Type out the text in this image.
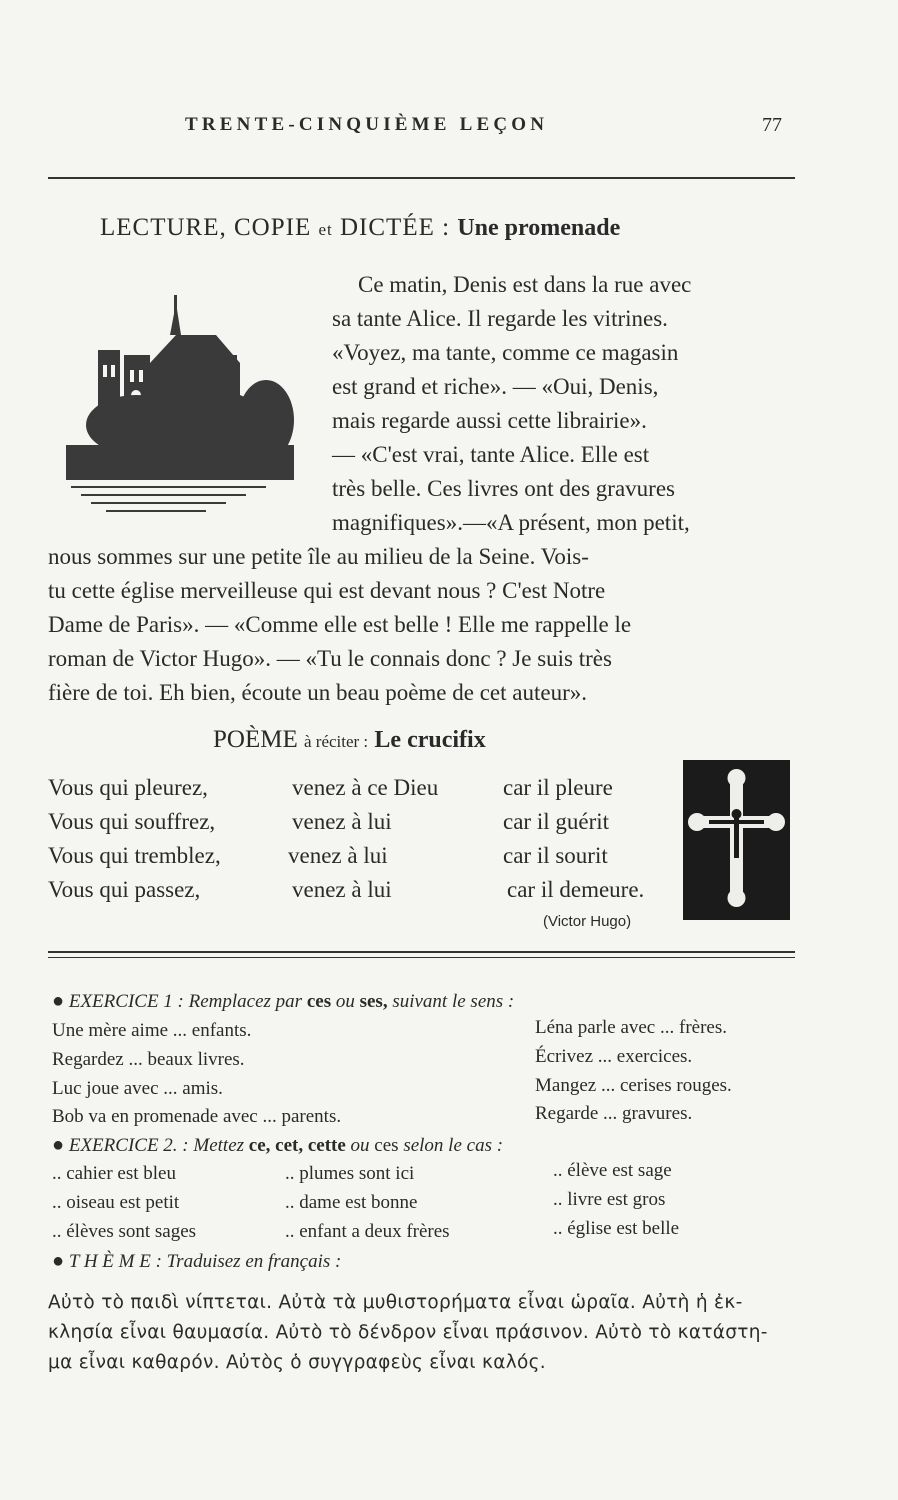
TRENTE-CINQUIÈME LEÇON	77
LECTURE, COPIE et DICTÉE : Une promenade
Ce matin, Denis est dans la rue avec
sa tante Alice. Il regarde les vitrines.
«Voyez, ma tante, comme ce magasin
est grand et riche». — «Oui, Denis,
mais regarde aussi cette librairie».
— «C'est vrai, tante Alice. Elle est
très belle. Ces livres ont des gravures
magnifiques».—«A présent, mon petit,
nous sommes sur une petite île au milieu de la Seine. Vois-
tu cette église merveilleuse qui est devant nous ? C'est Notre
Dame de Paris». — «Comme elle est belle ! Elle me rappelle le
roman de Victor Hugo». — «Tu le connais donc ? Je suis très
fière de toi. Eh bien, écoute un beau poème de cet auteur».
POÈME à réciter : Le crucifix
Vous qui pleurez,	venez à ce Dieu	car il pleure
Vous qui souffrez,	venez à lui	car il guérit
Vous qui tremblez,	venez à lui	car il sourit
Vous qui passez,	venez à lui	car il demeure.
(Victor Hugo)
● EXERCICE 1 : Remplacez par ces ou ses, suivant le sens :
Une mère aime ... enfants.	Léna parle avec ... frères.
Regardez ... beaux livres.	Écrivez ... exercices.
Luc joue avec ... amis.	Mangez ... cerises rouges.
Bob va en promenade avec ... parents.	Regarde ... gravures.
● EXERCICE 2. : Mettez ce, cet, cette ou ces selon le cas :
.. cahier est bleu	.. plumes sont ici	.. élève est sage
.. oiseau est petit	.. dame est bonne	.. livre est gros
.. élèves sont sages	.. enfant a deux frères	.. église est belle
● T H È M E : Traduisez en français :
Αὐτὸ τὸ παιδὶ νίπτεται. Αὐτὰ τὰ μυθιστορήματα εἶναι ὡραῖα. Αὐτὴ ἡ ἐκ-
κλησία εἶναι θαυμασία. Αὐτὸ τὸ δένδρον εἶναι πράσινον. Αὐτὸ τὸ κατάστη-
μα εἶναι καθαρόν. Αὐτὸς ὁ συγγραφεὺς εἶναι καλός.
